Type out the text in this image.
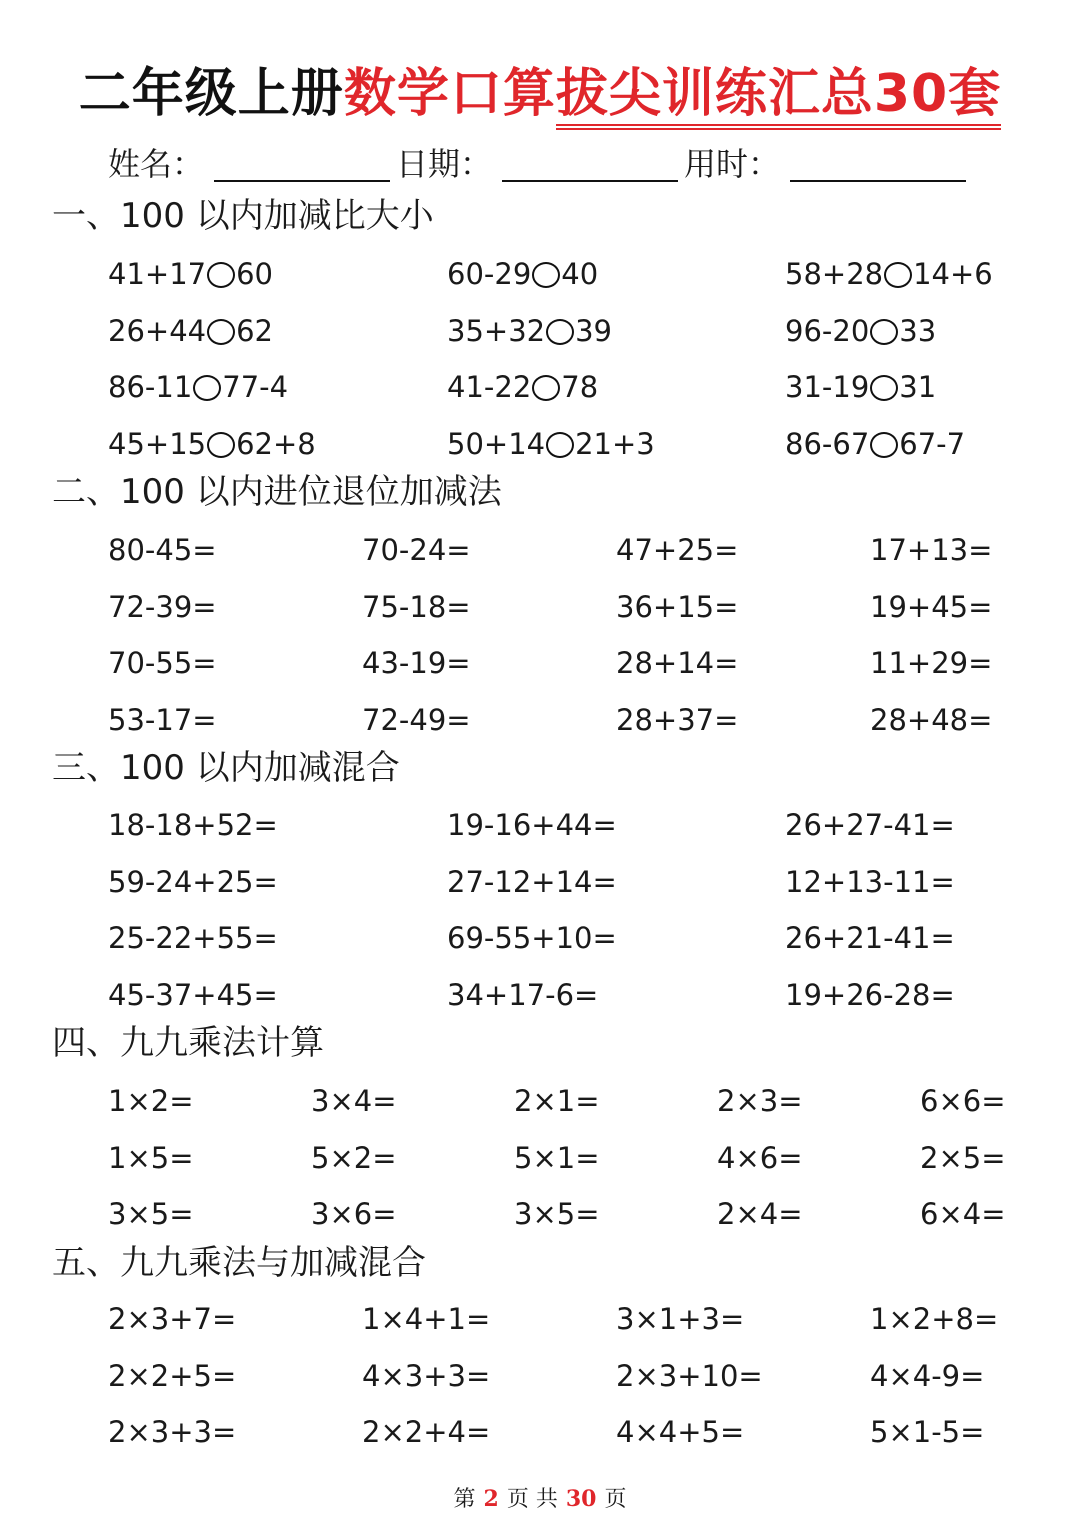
二年级上册数学口算拔尖训练汇总30套
姓名：	日期：	用时：
一、100 以内加减比大小
41+17 60	60-29 40	58+28 14+6
26+44 62	35+32 39	96-20 33
86-11 77-4	41-22 78	31-19 31
45+15 62+8	50+14 21+3	86-67 67-7
二、100 以内进位退位加减法
80-45=	70-24=	47+25=	17+13=
72-39=	75-18=	36+15=	19+45=
70-55=	43-19=	28+14=	11+29=
53-17=	72-49=	28+37=	28+48=
三、100 以内加减混合
18-18+52=	19-16+44=	26+27-41=
59-24+25=	27-12+14=	12+13-11=
25-22+55=	69-55+10=	26+21-41=
45-37+45=	34+17-6=	19+26-28=
四、九九乘法计算
1×2=	3×4=	2×1=	2×3=	6×6=
1×5=	5×2=	5×1=	4×6=	2×5=
3×5=	3×6=	3×5=	2×4=	6×4=
五、九九乘法与加减混合
2×3+7=	1×4+1=	3×1+3=	1×2+8=
2×2+5=	4×3+3=	2×3+10=	4×4-9=
2×3+3=	2×2+4=	4×4+5=	5×1-5=
第 2 页 共 30 页
